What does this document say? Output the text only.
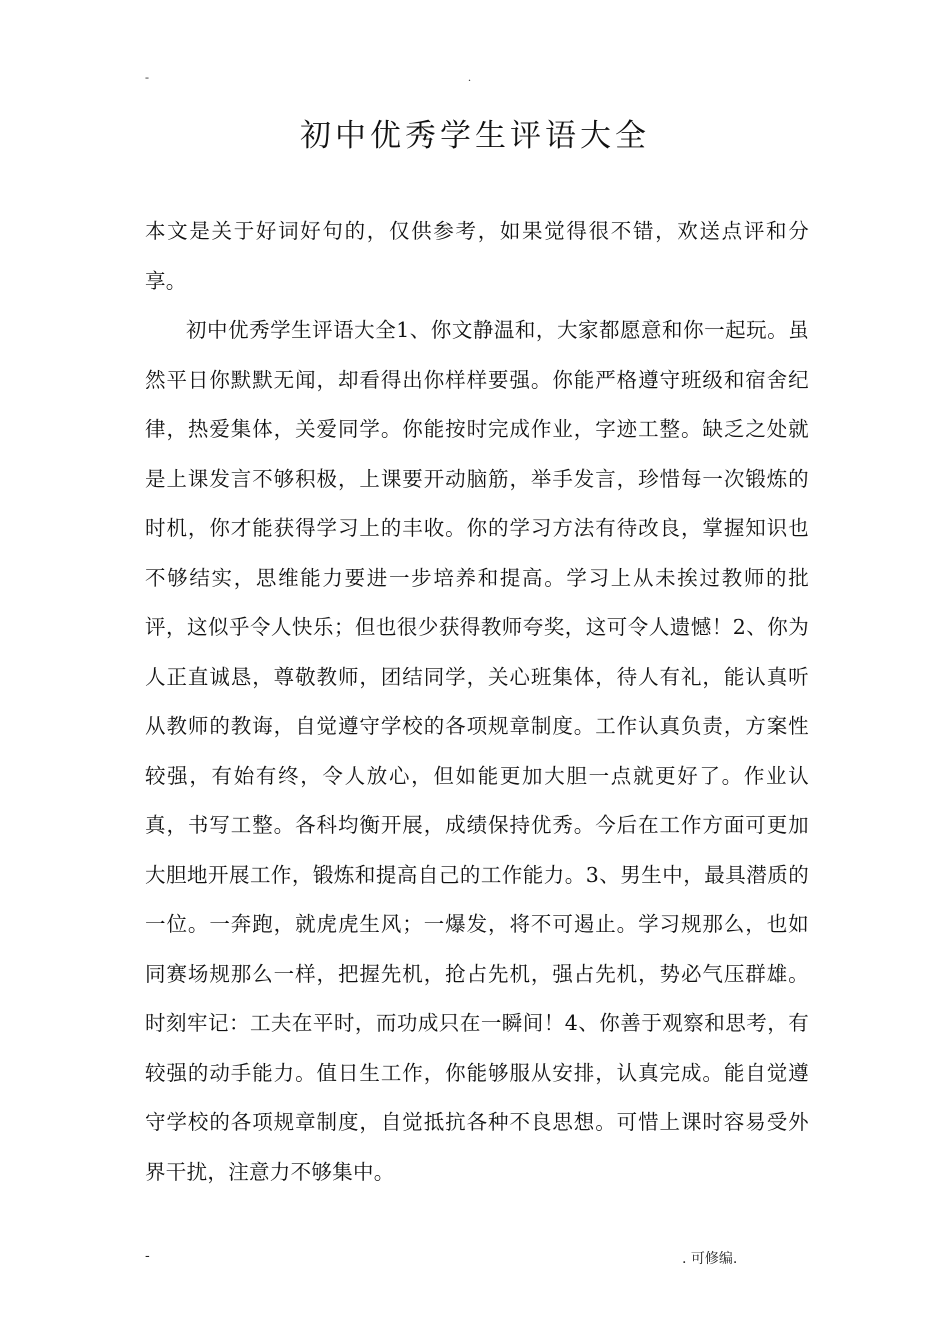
-	.
初中优秀学生评语大全

本文是关于好词好句的，仅供参考，如果觉得很不错，欢送点评和分享。

初中优秀学生评语大全1、你文静温和，大家都愿意和你一起玩。虽然平日你默默无闻，却看得出你样样要强。你能严格遵守班级和宿舍纪律，热爱集体，关爱同学。你能按时完成作业，字迹工整。缺乏之处就是上课发言不够积极，上课要开动脑筋，举手发言，珍惜每一次锻炼的时机，你才能获得学习上的丰收。你的学习方法有待改良，掌握知识也不够结实，思维能力要进一步培养和提高。学习上从未挨过教师的批评，这似乎令人快乐；但也很少获得教师夸奖，这可令人遗憾！2、你为人正直诚恳，尊敬教师，团结同学，关心班集体，待人有礼，能认真听从教师的教诲，自觉遵守学校的各项规章制度。工作认真负责，方案性较强，有始有终，令人放心，但如能更加大胆一点就更好了。作业认真，书写工整。各科均衡开展，成绩保持优秀。今后在工作方面可更加大胆地开展工作，锻炼和提高自己的工作能力。3、男生中，最具潜质的一位。一奔跑，就虎虎生风；一爆发，将不可遏止。学习规那么，也如同赛场规那么一样，把握先机，抢占先机，强占先机，势必气压群雄。时刻牢记：工夫在平时，而功成只在一瞬间！4、你善于观察和思考，有较强的动手能力。值日生工作，你能够服从安排，认真完成。能自觉遵守学校的各项规章制度，自觉抵抗各种不良思想。可惜上课时容易受外界干扰，注意力不够集中。

-	. 可修编.
